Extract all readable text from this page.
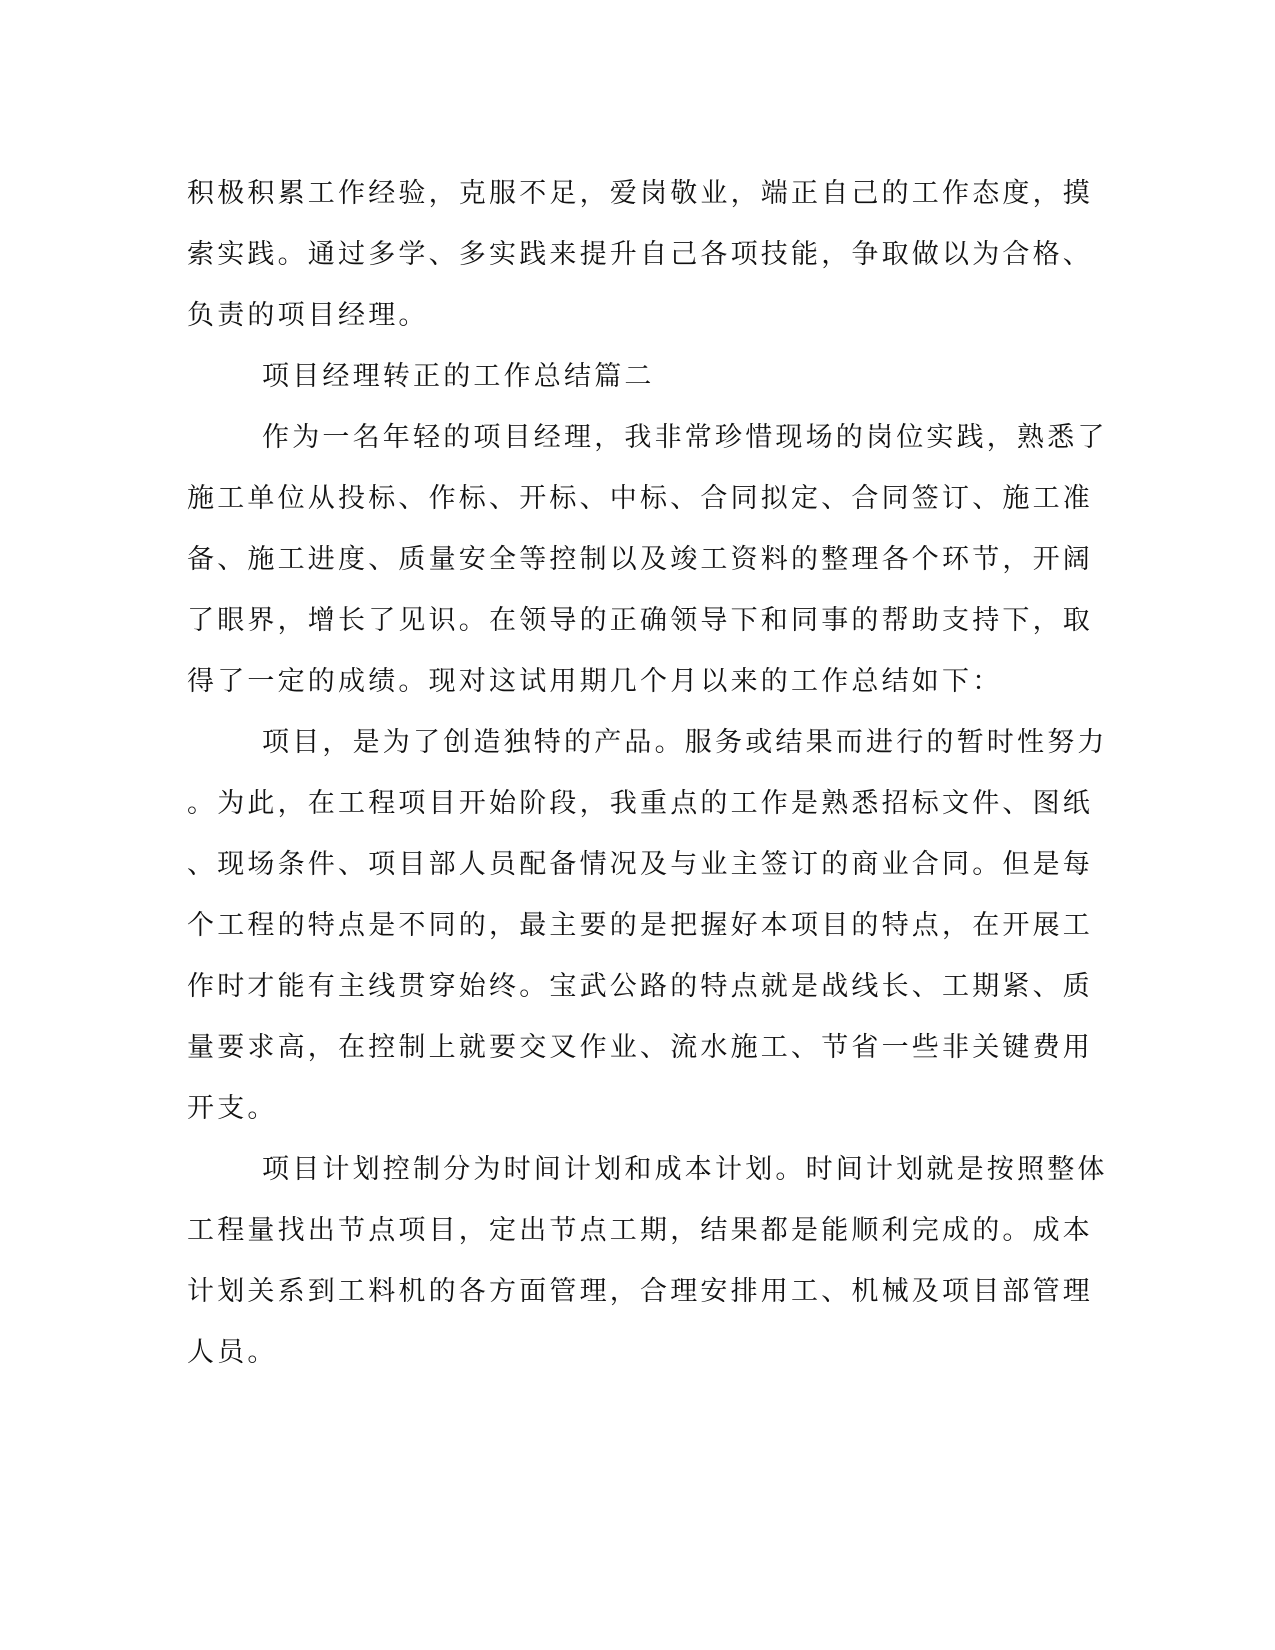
积极积累工作经验，克服不足，爱岗敬业，端正自己的工作态度，摸
索实践。通过多学、多实践来提升自己各项技能，争取做以为合格、
负责的项目经理。
项目经理转正的工作总结篇二
作为一名年轻的项目经理，我非常珍惜现场的岗位实践，熟悉了
施工单位从投标、作标、开标、中标、合同拟定、合同签订、施工准
备、施工进度、质量安全等控制以及竣工资料的整理各个环节，开阔
了眼界，增长了见识。在领导的正确领导下和同事的帮助支持下，取
得了一定的成绩。现对这试用期几个月以来的工作总结如下：
项目，是为了创造独特的产品。服务或结果而进行的暂时性努力
。为此，在工程项目开始阶段，我重点的工作是熟悉招标文件、图纸
、现场条件、项目部人员配备情况及与业主签订的商业合同。但是每
个工程的特点是不同的，最主要的是把握好本项目的特点，在开展工
作时才能有主线贯穿始终。宝武公路的特点就是战线长、工期紧、质
量要求高，在控制上就要交叉作业、流水施工、节省一些非关键费用
开支。
项目计划控制分为时间计划和成本计划。时间计划就是按照整体
工程量找出节点项目，定出节点工期，结果都是能顺利完成的。成本
计划关系到工料机的各方面管理，合理安排用工、机械及项目部管理
人员。
